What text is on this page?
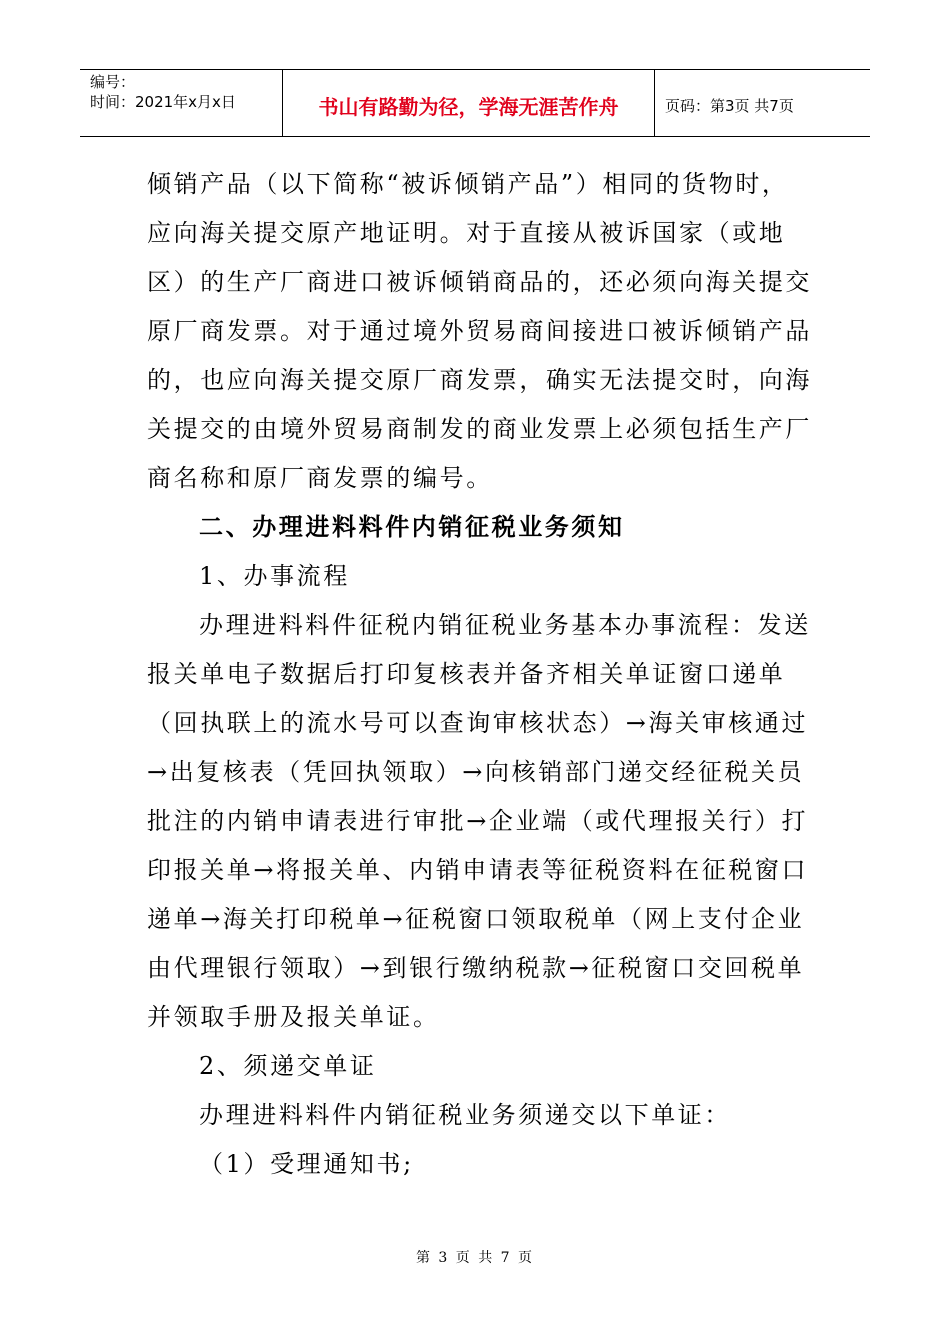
编号：
时间：2021年x月x日	书山有路勤为径，学海无涯苦作舟	页码：第3页 共7页

倾销产品（以下简称“被诉倾销产品”）相同的货物时，

应向海关提交原产地证明。对于直接从被诉国家（或地

区）的生产厂商进口被诉倾销商品的，还必须向海关提交

原厂商发票。对于通过境外贸易商间接进口被诉倾销产品

的，也应向海关提交原厂商发票，确实无法提交时，向海

关提交的由境外贸易商制发的商业发票上必须包括生产厂

商名称和原厂商发票的编号。

二、办理进料料件内销征税业务须知

1、办事流程

办理进料料件征税内销征税业务基本办事流程：发送

报关单电子数据后打印复核表并备齐相关单证窗口递单

（回执联上的流水号可以查询审核状态）→海关审核通过

→出复核表（凭回执领取）→向核销部门递交经征税关员

批注的内销申请表进行审批→企业端（或代理报关行）打

印报关单→将报关单、内销申请表等征税资料在征税窗口

递单→海关打印税单→征税窗口领取税单（网上支付企业

由代理银行领取）→到银行缴纳税款→征税窗口交回税单

并领取手册及报关单证。

2、须递交单证

办理进料料件内销征税业务须递交以下单证：

（1）受理通知书;

第 3 页 共 7 页
